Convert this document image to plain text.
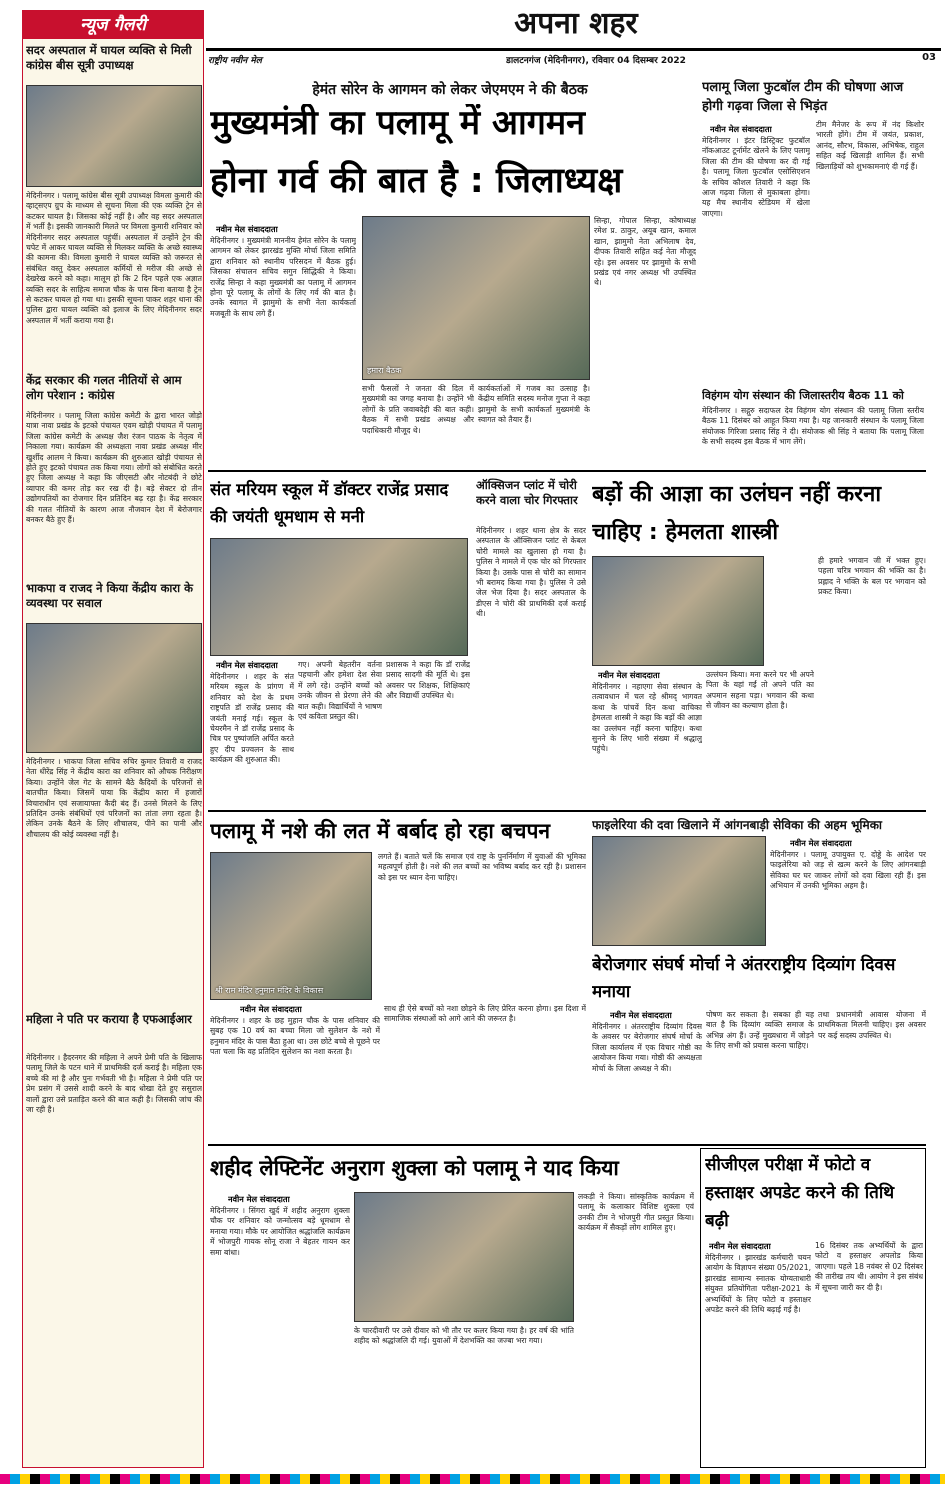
अपना शहर
राष्ट्रीय नवीन मेल	डालटनगंज (मेदिनीनगर), रविवार 04 दिसम्बर 2022	03
न्यूज गैलरी
सदर अस्पताल में घायल व्यक्ति से मिली कांग्रेस बीस सूत्री उपाध्यक्ष
मेदिनीनगर । पलामू कांग्रेस बीस सूत्री उपाध्यक्ष विमला कुमारी की व्हाट्सएप ग्रुप के माध्यम से सूचना मिला की एक व्यक्ति ट्रेन से कटकर घायल है। जिसका कोई नहीं है। और वह सदर अस्पताल में भर्ती है। इसकी जानकारी मिलते पर विमला कुमारी शनिवार को मेदिनीनगर सदर अस्पताल पहुंचीं। अस्पताल में उन्होंने ट्रेन की चपेट में आकर घायल व्यक्ति से मिलकर व्यक्ति के अच्छे स्वास्थ्य की कामना की। विमला कुमारी ने घायल व्यक्ति को जरूरत से संबंधित वस्तु देकर अस्पताल कर्मियों से मरीज की अच्छे से देखरेख करने को कहा। मालूम हो कि 2 दिन पहले एक अज्ञात व्यक्ति सदर के साहित्य समाज चौक के पास बिना बताया है ट्रेन से कटकर घायल हो गया था। इसकी सूचना पाकर शहर थाना की पुलिस द्वारा घायल व्यक्ति को इलाज के लिए मेदिनीनगर सदर अस्पताल में भर्ती कराया गया है।
केंद्र सरकार की गलत नीतियों से आम लोग परेशान : कांग्रेस
मेदिनीनगर । पलामू जिला कांग्रेस कमेटी के द्वारा भारत जोड़ो यात्रा नावा प्रखंड के इटको पंचायत एवम खोड़ी पंचायत में पलामू जिला कांग्रेस कमेटी के अध्यक्ष जैश रंजन पाठक के नेतृत्व में निकाला गया। कार्यक्रम की अध्यक्षता नावा प्रखंड अध्यक्ष मीर खुर्शीद आलम ने किया। कार्यक्रम की शुरुआत खोड़ी पंचायत से होते हुए इटको पंचायत तक किया गया। लोगों को संबोधित करते हुए जिला अध्यक्ष ने कहा कि जीएसटी और नोटबंदी ने छोटे व्यापार की कमर तोड़ कर रख दी है। बड़े सेक्टर दो तीन उद्योगपतियों का रोजगार दिन प्रतिदिन बढ़ रहा है। केंद्र सरकार की गलत नीतियों के कारण आज नौजवान देश में बेरोजगार बनकर बैठे हुए हैं।
भाकपा व राजद ने किया केंद्रीय कारा के व्यवस्था पर सवाल
मेदिनीनगर । भाकपा जिला सचिव रुचिर कुमार तिवारी व राजद नेता धीरेंद्र सिंह ने केंद्रीय कारा का शनिवार को औचक निरीक्षण किया। उन्होंने जेल गेट के सामने बैठे कैदियों के परिजनों से बातचीत किया। जिसमें पाया कि केंद्रीय कारा में हजारों विचाराधीन एवं सजायाफ्ता कैदी बंद हैं। उनसे मिलने के लिए प्रतिदिन उनके संबंधियों एवं परिजनों का तांता लगा रहता है। लेकिन उनके बैठने के लिए शौचालय, पीने का पानी और शौचालय की कोई व्यवस्था नहीं है।
महिला ने पति पर कराया है एफआईआर
मेदिनीनगर । हैदरनगर की महिला ने अपने प्रेमी पति के खिलाफ पलामू जिले के पटन थाने में प्राथमिकी दर्ज कराई है। महिला एक बच्चे की मां है और पुनः गर्भवती भी है। महिला ने प्रेमी पति पर प्रेम प्रसंग में उससे शादी करने के बाद धोखा देते हुए ससुराल वालों द्वारा उसे प्रताड़ित करने की बात कही है। जिसकी जांच की जा रही है।
हेमंत सोरेन के आगमन को लेकर जेएमएम ने की बैठक
मुख्यमंत्री का पलामू में आगमन
होना गर्व की बात है : जिलाध्यक्ष
नवीन मेल संवाददाता
मेदिनीनगर । मुख्यमंत्री माननीय हेमंत सोरेन के पलामू आगमन को लेकर झारखंड मुक्ति मोर्चा जिला समिति द्वारा शनिवार को स्थानीय परिसदन में बैठक हुई। जिसका संचालन सचिव सगुन सिद्धिकी ने किया। राजेंद्र सिन्हा ने कहा मुख्यमंत्री का पलामू में आगमन होना पूरे पलामू के लोगों के लिए गर्व की बात है। उनके स्वागत में झामुमो के सभी नेता कार्यकर्ता मजबूती के साथ लगे हैं।
हमारा बैठक
सभी फैसलों ने जनता की दिल में मुख्यमंत्री का जगह बनाया है। उन्होंने भी लोगों के प्रति जवाबदेही की बात कही। बैठक में सभी प्रखंड अध्यक्ष और पदाधिकारी मौजूद थे।
कार्यकर्ताओं में गजब का उत्साह है। केंद्रीय समिति सदस्य मनोज गुप्ता ने कहा झामुमो के सभी कार्यकर्ता मुख्यमंत्री के स्वागत को तैयार हैं।
सिन्हा, गोपाल सिन्हा, कोषाध्यक्ष रमेश प्र. ठाकुर, अयूब खान, कमाल खान, झामुमो नेता अभिलाष देव, दीपक तिवारी सहित कई नेता मौजूद रहे। इस अवसर पर झामुमो के सभी प्रखंड एवं नगर अध्यक्ष भी उपस्थित थे।
पलामू जिला फुटबॉल टीम की घोषणा आज होगी गढ़वा जिला से भिड़ंत
नवीन मेल संवाददाता
मेदिनीनगर । इंटर डिस्ट्रिक्ट फुटबॉल नॉकआउट टूर्नामेंट खेलने के लिए पलामू जिला की टीम की घोषणा कर दी गई है। पलामू जिला फुटबॉल एसोसिएशन के सचिव कौशल तिवारी ने कहा कि आज गढ़वा जिला से मुकाबला होगा। यह मैच स्थानीय स्टेडियम में खेला जाएगा।
टीम मैनेजर के रूप में नंद किशोर भारती होंगे। टीम में जयंत, प्रकाश, आनंद, सौरभ, विकास, अभिषेक, राहुल सहित कई खिलाड़ी शामिल हैं। सभी खिलाड़ियों को शुभकामनाएं दी गई हैं।
विहंगम योग संस्थान की जिलास्तरीय बैठक 11 को
मेदिनीनगर । सद्गुरु सदाफल देव विहंगम योग संस्थान की पलामू जिला स्तरीय बैठक 11 दिसंबर को आहूत किया गया है। यह जानकारी संस्थान के पलामू जिला संयोजक गिरिजा प्रसाद सिंह ने दी। संयोजक श्री सिंह ने बताया कि पलामू जिला के सभी सदस्य इस बैठक में भाग लेंगे।
संत मरियम स्कूल में डॉक्टर राजेंद्र प्रसाद की जयंती धूमधाम से मनी
नवीन मेल संवाददाता
मेदिनीनगर । शहर के संत मरियम स्कूल के प्रांगण में शनिवार को देश के प्रथम राष्ट्रपति डॉ राजेंद्र प्रसाद की जयंती मनाई गई। स्कूल के चेयरमैन ने डॉ राजेंद्र प्रसाद के चित्र पर पुष्पांजलि अर्पित करते हुए दीप प्रज्वलन के साथ कार्यक्रम की शुरुआत की।
गए। अपनी बेहतरीन वर्तना पहचानी और हमेशा देश सेवा में लगे रहे। उन्होंने बच्चों को उनके जीवन से प्रेरणा लेने की बात कही। विद्यार्थियों ने भाषण एवं कविता प्रस्तुत की।
प्रशासक ने कहा कि डॉ राजेंद्र प्रसाद सादगी की मूर्ति थे। इस अवसर पर शिक्षक, शिक्षिकाएं और विद्यार्थी उपस्थित थे।
ऑक्सिजन प्लांट में चोरी करने वाला चोर गिरफ्तार
मेदिनीनगर । शहर थाना क्षेत्र के सदर अस्पताल के ऑक्सिजन प्लांट से केबल चोरी मामले का खुलासा हो गया है। पुलिस ने मामले में एक चोर को गिरफ्तार किया है। उसके पास से चोरी का सामान भी बरामद किया गया है। पुलिस ने उसे जेल भेज दिया है। सदर अस्पताल के डीएस ने चोरी की प्राथमिकी दर्ज कराई थी।
बड़ों की आज्ञा का उलंघन नहीं करना चाहिए : हेमलता शास्त्री
ही हमारे भगवान जी में भक्त हुए। पहला चरित्र भगवान की भक्ति का है। प्रह्लाद ने भक्ति के बल पर भगवान को प्रकट किया।
नवीन मेल संवाददाता
मेदिनीनगर । नहाएगा सेवा संस्थान के तत्वावधान में चल रहे श्रीमद् भागवत कथा के पांचवें दिन कथा वाचिका हेमलता शास्त्री ने कहा कि बड़ों की आज्ञा का उल्लंघन नहीं करना चाहिए। कथा सुनने के लिए भारी संख्या में श्रद्धालु पहुंचे।
उल्लंघन किया। मना करने पर भी अपने पिता के यहां गईं तो अपने पति का अपमान सहना पड़ा। भगवान की कथा से जीवन का कल्याण होता है।
पलामू में नशे की लत में बर्बाद हो रहा बचपन
श्री राम मंदिर हनुमान मंदिर के विकास
नवीन मेल संवाददाता
मेदिनीनगर । शहर के छह मुहान चौक के पास शनिवार की सुबह एक 10 वर्ष का बच्चा मिला जो सुलेशन के नशे में हनुमान मंदिर के पास बैठा हुआ था। उस छोटे बच्चे से पूछने पर पता चला कि वह प्रतिदिन सुलेशन का नशा करता है।
लगते हैं। बताते चलें कि समाज एवं राष्ट्र के पुनर्निर्माण में युवाओं की भूमिका महत्वपूर्ण होती है। नशे की लत बच्चों का भविष्य बर्बाद कर रही है। प्रशासन को इस पर ध्यान देना चाहिए।
साथ ही ऐसे बच्चों को नशा छोड़ने के लिए प्रेरित करना होगा। इस दिशा में सामाजिक संस्थाओं को आगे आने की जरूरत है।
फाइलेरिया की दवा खिलाने में आंगनबाड़ी सेविका की अहम भूमिका
नवीन मेल संवाददाता
मेदिनीनगर । पलामू उपायुक्त ए. दोड्डे के आदेश पर फाइलेरिया को जड़ से खत्म करने के लिए आंगनबाड़ी सेविका घर घर जाकर लोगों को दवा खिला रही हैं। इस अभियान में उनकी भूमिका अहम है।
बेरोजगार संघर्ष मोर्चा ने अंतरराष्ट्रीय दिव्यांग दिवस मनाया
नवीन मेल संवाददाता
मेदिनीनगर । अंतरराष्ट्रीय दिव्यांग दिवस के अवसर पर बेरोजगार संघर्ष मोर्चा के जिला कार्यालय में एक विचार गोष्ठी का आयोजन किया गया। गोष्ठी की अध्यक्षता मोर्चा के जिला अध्यक्ष ने की।
पोषण कर सकता है। सबका ही यह बात है कि दिव्यांग व्यक्ति समाज के अभिन्न अंग हैं। उन्हें मुख्यधारा में जोड़ने के लिए सभी को प्रयास करना चाहिए।
तथा प्रधानमंत्री आवास योजना में प्राथमिकता मिलनी चाहिए। इस अवसर पर कई सदस्य उपस्थित थे।
शहीद लेफ्टिनेंट अनुराग शुक्ला को पलामू ने याद किया
नवीन मेल संवाददाता
मेदिनीनगर । सिंगरा खुर्द में शहीद अनुराग शुक्ला चौक पर शनिवार को जन्मोत्सव बड़े धूमधाम से मनाया गया। मौके पर आयोजित श्रद्धांजलि कार्यक्रम में भोजपुरी गायक सोनू राजा ने बेहतर गायन कर समा बांधा।
के चारदीवारी पर उसे दीवार को भी तौर पर कलर किया गया है। हर वर्ष की भांति शहीद को श्रद्धांजलि दी गई। युवाओं में देशभक्ति का जज्बा भरा गया।
लकड़ी ने किया। सांस्कृतिक कार्यक्रम में पलामू के कलाकार विशिष्ट शुक्ला एवं उनकी टीम ने भोजपुरी गीत प्रस्तुत किया। कार्यक्रम में सैकड़ों लोग शामिल हुए।
सीजीएल परीक्षा में फोटो व हस्ताक्षर अपडेट करने की तिथि बढ़ी
नवीन मेल संवाददाता
मेदिनीनगर । झारखंड कर्मचारी चयन आयोग के विज्ञापन संख्या 05/2021, झारखंड सामान्य स्नातक योग्यताधारी संयुक्त प्रतियोगिता परीक्षा-2021 के अभ्यर्थियों के लिए फोटो व हस्ताक्षर अपडेट करने की तिथि बढ़ाई गई है।
16 दिसंबर तक अभ्यर्थियों के द्वारा फोटो व हस्ताक्षर अपलोड किया जाएगा। पहले 18 नवंबर से 02 दिसंबर की तारीख तय थी। आयोग ने इस संबंध में सूचना जारी कर दी है।
